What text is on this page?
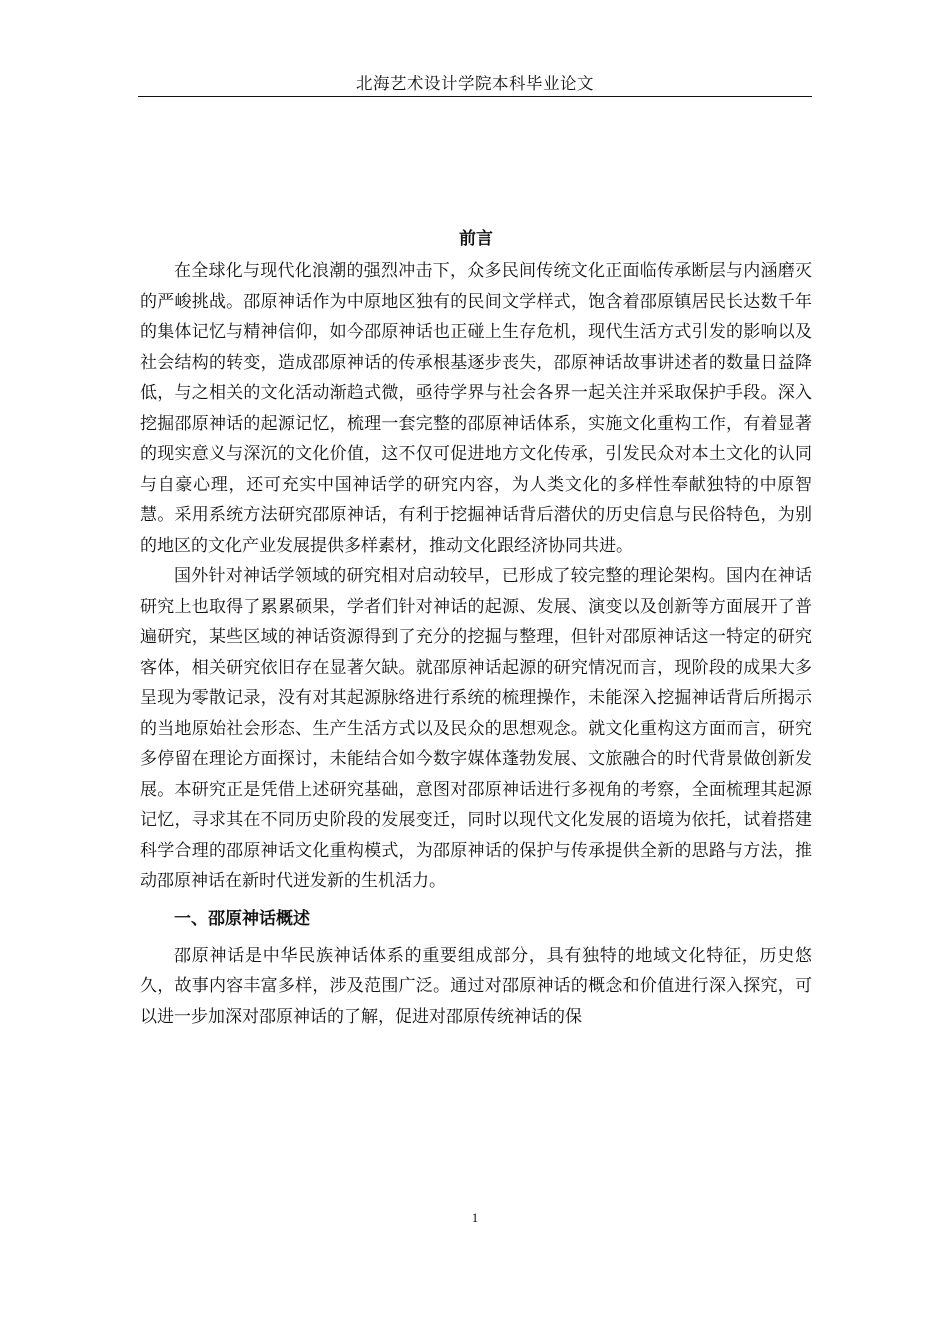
北海艺术设计学院本科毕业论文
前言

在全球化与现代化浪潮的强烈冲击下，众多民间传统文化正面临传承断层与内涵磨灭的严峻挑战。邵原神话作为中原地区独有的民间文学样式，饱含着邵原镇居民长达数千年的集体记忆与精神信仰，如今邵原神话也正碰上生存危机，现代生活方式引发的影响以及社会结构的转变，造成邵原神话的传承根基逐步丧失，邵原神话故事讲述者的数量日益降低，与之相关的文化活动渐趋式微，亟待学界与社会各界一起关注并采取保护手段。深入挖掘邵原神话的起源记忆，梳理一套完整的邵原神话体系，实施文化重构工作，有着显著的现实意义与深沉的文化价值，这不仅可促进地方文化传承，引发民众对本土文化的认同与自豪心理，还可充实中国神话学的研究内容，为人类文化的多样性奉献独特的中原智慧。采用系统方法研究邵原神话，有利于挖掘神话背后潜伏的历史信息与民俗特色，为别的地区的文化产业发展提供多样素材，推动文化跟经济协同共进。

国外针对神话学领域的研究相对启动较早，已形成了较完整的理论架构。国内在神话研究上也取得了累累硕果，学者们针对神话的起源、发展、演变以及创新等方面展开了普遍研究，某些区域的神话资源得到了充分的挖掘与整理，但针对邵原神话这一特定的研究客体，相关研究依旧存在显著欠缺。就邵原神话起源的研究情况而言，现阶段的成果大多呈现为零散记录，没有对其起源脉络进行系统的梳理操作，未能深入挖掘神话背后所揭示的当地原始社会形态、生产生活方式以及民众的思想观念。就文化重构这方面而言，研究多停留在理论方面探讨，未能结合如今数字媒体蓬勃发展、文旅融合的时代背景做创新发展。本研究正是凭借上述研究基础，意图对邵原神话进行多视角的考察，全面梳理其起源记忆，寻求其在不同历史阶段的发展变迁，同时以现代文化发展的语境为依托，试着搭建科学合理的邵原神话文化重构模式，为邵原神话的保护与传承提供全新的思路与方法，推动邵原神话在新时代迸发新的生机活力。

一、邵原神话概述

邵原神话是中华民族神话体系的重要组成部分，具有独特的地域文化特征，历史悠久，故事内容丰富多样，涉及范围广泛。通过对邵原神话的概念和价值进行深入探究，可以进一步加深对邵原神话的了解，促进对邵原传统神话的保

1
